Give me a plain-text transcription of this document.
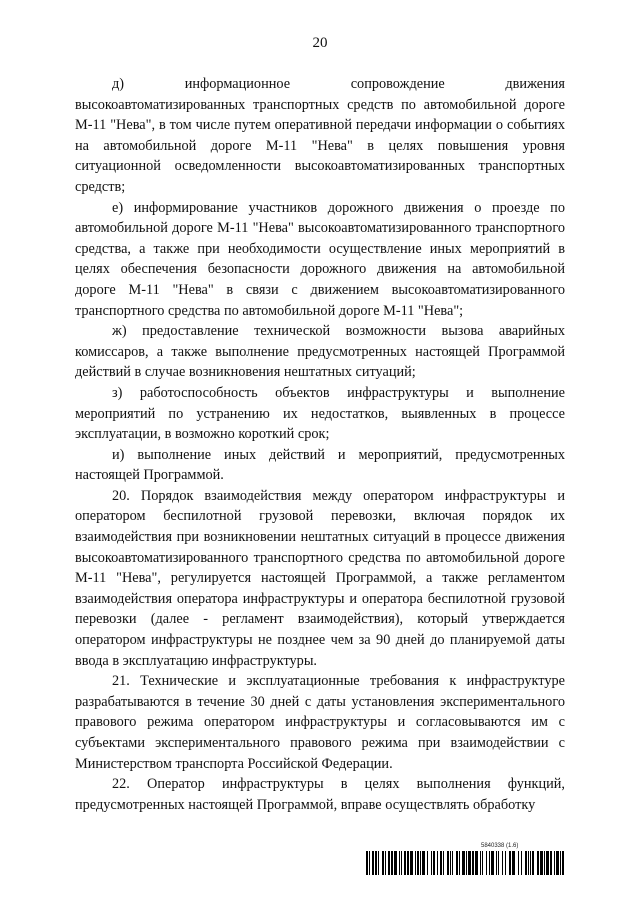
20

д) информационное сопровождение движения высокоавтоматизированных транспортных средств по автомобильной дороге М-11 "Нева", в том числе путем оперативной передачи информации о событиях на автомобильной дороге М-11 "Нева" в целях повышения уровня ситуационной осведомленности высокоавтоматизированных транспортных средств;

е) информирование участников дорожного движения о проезде по автомобильной дороге М-11 "Нева" высокоавтоматизированного транспортного средства, а также при необходимости осуществление иных мероприятий в целях обеспечения безопасности дорожного движения на автомобильной дороге М-11 "Нева" в связи с движением высокоавтоматизированного транспортного средства по автомобильной дороге М-11 "Нева";

ж) предоставление технической возможности вызова аварийных комиссаров, а также выполнение предусмотренных настоящей Программой действий в случае возникновения нештатных ситуаций;

з) работоспособность объектов инфраструктуры и выполнение мероприятий по устранению их недостатков, выявленных в процессе эксплуатации, в возможно короткий срок;

и) выполнение иных действий и мероприятий, предусмотренных настоящей Программой.

20. Порядок взаимодействия между оператором инфраструктуры и оператором беспилотной грузовой перевозки, включая порядок их взаимодействия при возникновении нештатных ситуаций в процессе движения высокоавтоматизированного транспортного средства по автомобильной дороге М-11 "Нева", регулируется настоящей Программой, а также регламентом взаимодействия оператора инфраструктуры и оператора беспилотной грузовой перевозки (далее - регламент взаимодействия), который утверждается оператором инфраструктуры не позднее чем за 90 дней до планируемой даты ввода в эксплуатацию инфраструктуры.

21. Технические и эксплуатационные требования к инфраструктуре разрабатываются в течение 30 дней с даты установления экспериментального правового режима оператором инфраструктуры и согласовываются им с субъектами экспериментального правового режима при взаимодействии с Министерством транспорта Российской Федерации.

22. Оператор инфраструктуры в целях выполнения функций, предусмотренных настоящей Программой, вправе осуществлять обработку

5840338 (1.6)
